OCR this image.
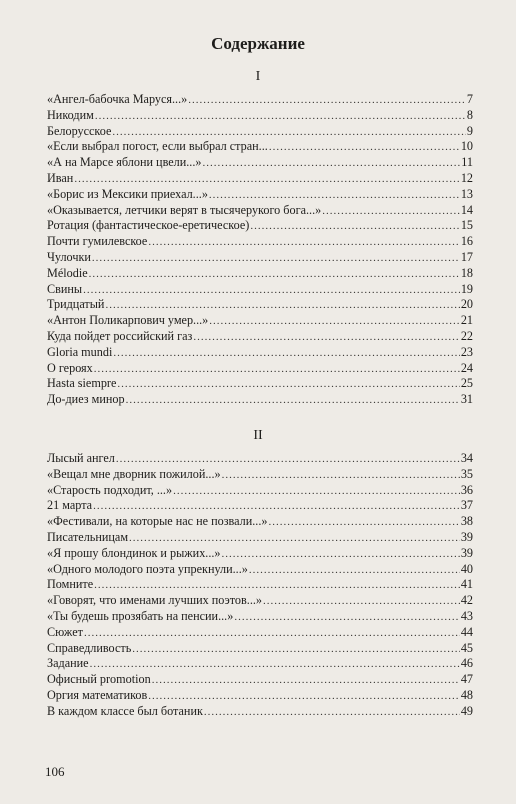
Содержание
I
«Ангел-бабочка Маруся...» .....	7
Никодим .....	8
Белорусское .....	9
«Если выбрал погост, если выбрал стран... .....	10
«А на Марсе яблони цвели...» .....	11
Иван .....	12
«Борис из Мексики приехал...» .....	13
«Оказывается, летчики верят в тысячерукого бога...» .....	14
Ротация (фантастическое-еретическое) .....	15
Почти гумилевское .....	16
Чулочки .....	17
Mélodie .....	18
Свины .....	19
Тридцатый .....	20
«Антон Поликарпович умер...» .....	21
Куда пойдет российский газ .....	22
Gloria mundi .....	23
О героях .....	24
Hasta siempre .....	25
До-диез минор .....	31
II
Лысый ангел .....	34
«Вещал мне дворник пожилой...» .....	35
«Старость подходит, ...» .....	36
21 марта .....	37
«Фестивали, на которые нас не позвали...» .....	38
Писательницам .....	39
«Я прошу блондинок и рыжих...» .....	39
«Одного молодого поэта упрекнули...» .....	40
Помните .....	41
«Говорят, что именами лучших поэтов...» .....	42
«Ты будешь прозябать на пенсии...» .....	43
Сюжет .....	44
Справедливость .....	45
Задание .....	46
Офисный promotion .....	47
Оргия математиков .....	48
В каждом классе был ботаник .....	49
106
